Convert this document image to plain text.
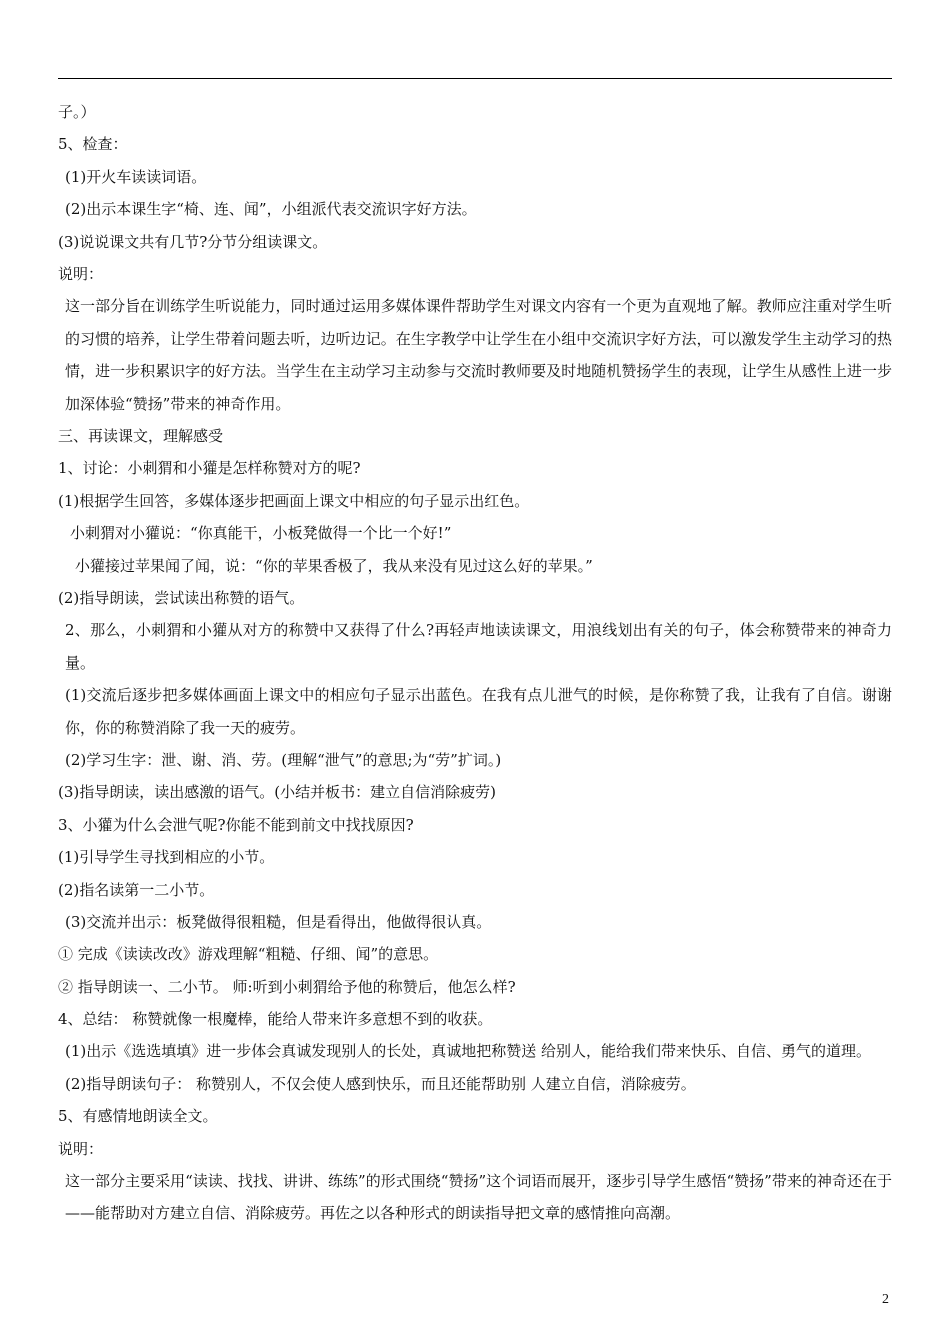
子。）
5、检查：
(1)开火车读读词语。
(2)出示本课生字“椅、连、闻”，小组派代表交流识字好方法。
(3)说说课文共有几节?分节分组读课文。
说明：
这一部分旨在训练学生听说能力，同时通过运用多媒体课件帮助学生对课文内容有一个更为直观地了解。教师应注重对学生听的习惯的培养，让学生带着问题去听，边听边记。在生字教学中让学生在小组中交流识字好方法，可以激发学生主动学习的热情，进一步积累识字的好方法。当学生在主动学习主动参与交流时教师要及时地随机赞扬学生的表现，让学生从感性上进一步加深体验“赞扬”带来的神奇作用。
三、再读课文，理解感受
1、讨论：小刺猬和小獾是怎样称赞对方的呢?
(1)根据学生回答，多媒体逐步把画面上课文中相应的句子显示出红色。
小刺猬对小獾说：“你真能干，小板凳做得一个比一个好!”
小獾接过苹果闻了闻，说：“你的苹果香极了，我从来没有见过这么好的苹果。”
(2)指导朗读，尝试读出称赞的语气。
2、那么，小刺猬和小獾从对方的称赞中又获得了什么?再轻声地读读课文，用浪线划出有关的句子，体会称赞带来的神奇力量。
(1)交流后逐步把多媒体画面上课文中的相应句子显示出蓝色。在我有点儿泄气的时候，是你称赞了我，让我有了自信。谢谢你，你的称赞消除了我一天的疲劳。
(2)学习生字：泄、谢、消、劳。(理解“泄气”的意思;为“劳”扩词。)
(3)指导朗读，读出感激的语气。(小结并板书：建立自信消除疲劳)
3、小獾为什么会泄气呢?你能不能到前文中找找原因?
(1)引导学生寻找到相应的小节。
(2)指名读第一二小节。
(3)交流并出示：板凳做得很粗糙，但是看得出，他做得很认真。
① 完成《读读改改》游戏理解“粗糙、仔细、闻”的意思。
② 指导朗读一、二小节。 师:听到小刺猬给予他的称赞后，他怎么样?
4、总结： 称赞就像一根魔棒，能给人带来许多意想不到的收获。
(1)出示《选选填填》进一步体会真诚发现别人的长处，真诚地把称赞送 给别人，能给我们带来快乐、自信、勇气的道理。
(2)指导朗读句子： 称赞别人，不仅会使人感到快乐，而且还能帮助别 人建立自信，消除疲劳。
5、有感情地朗读全文。
说明：
这一部分主要采用“读读、找找、讲讲、练练”的形式围绕“赞扬”这个词语而展开，逐步引导学生感悟“赞扬”带来的神奇还在于——能帮助对方建立自信、消除疲劳。再佐之以各种形式的朗读指导把文章的感情推向高潮。
2
